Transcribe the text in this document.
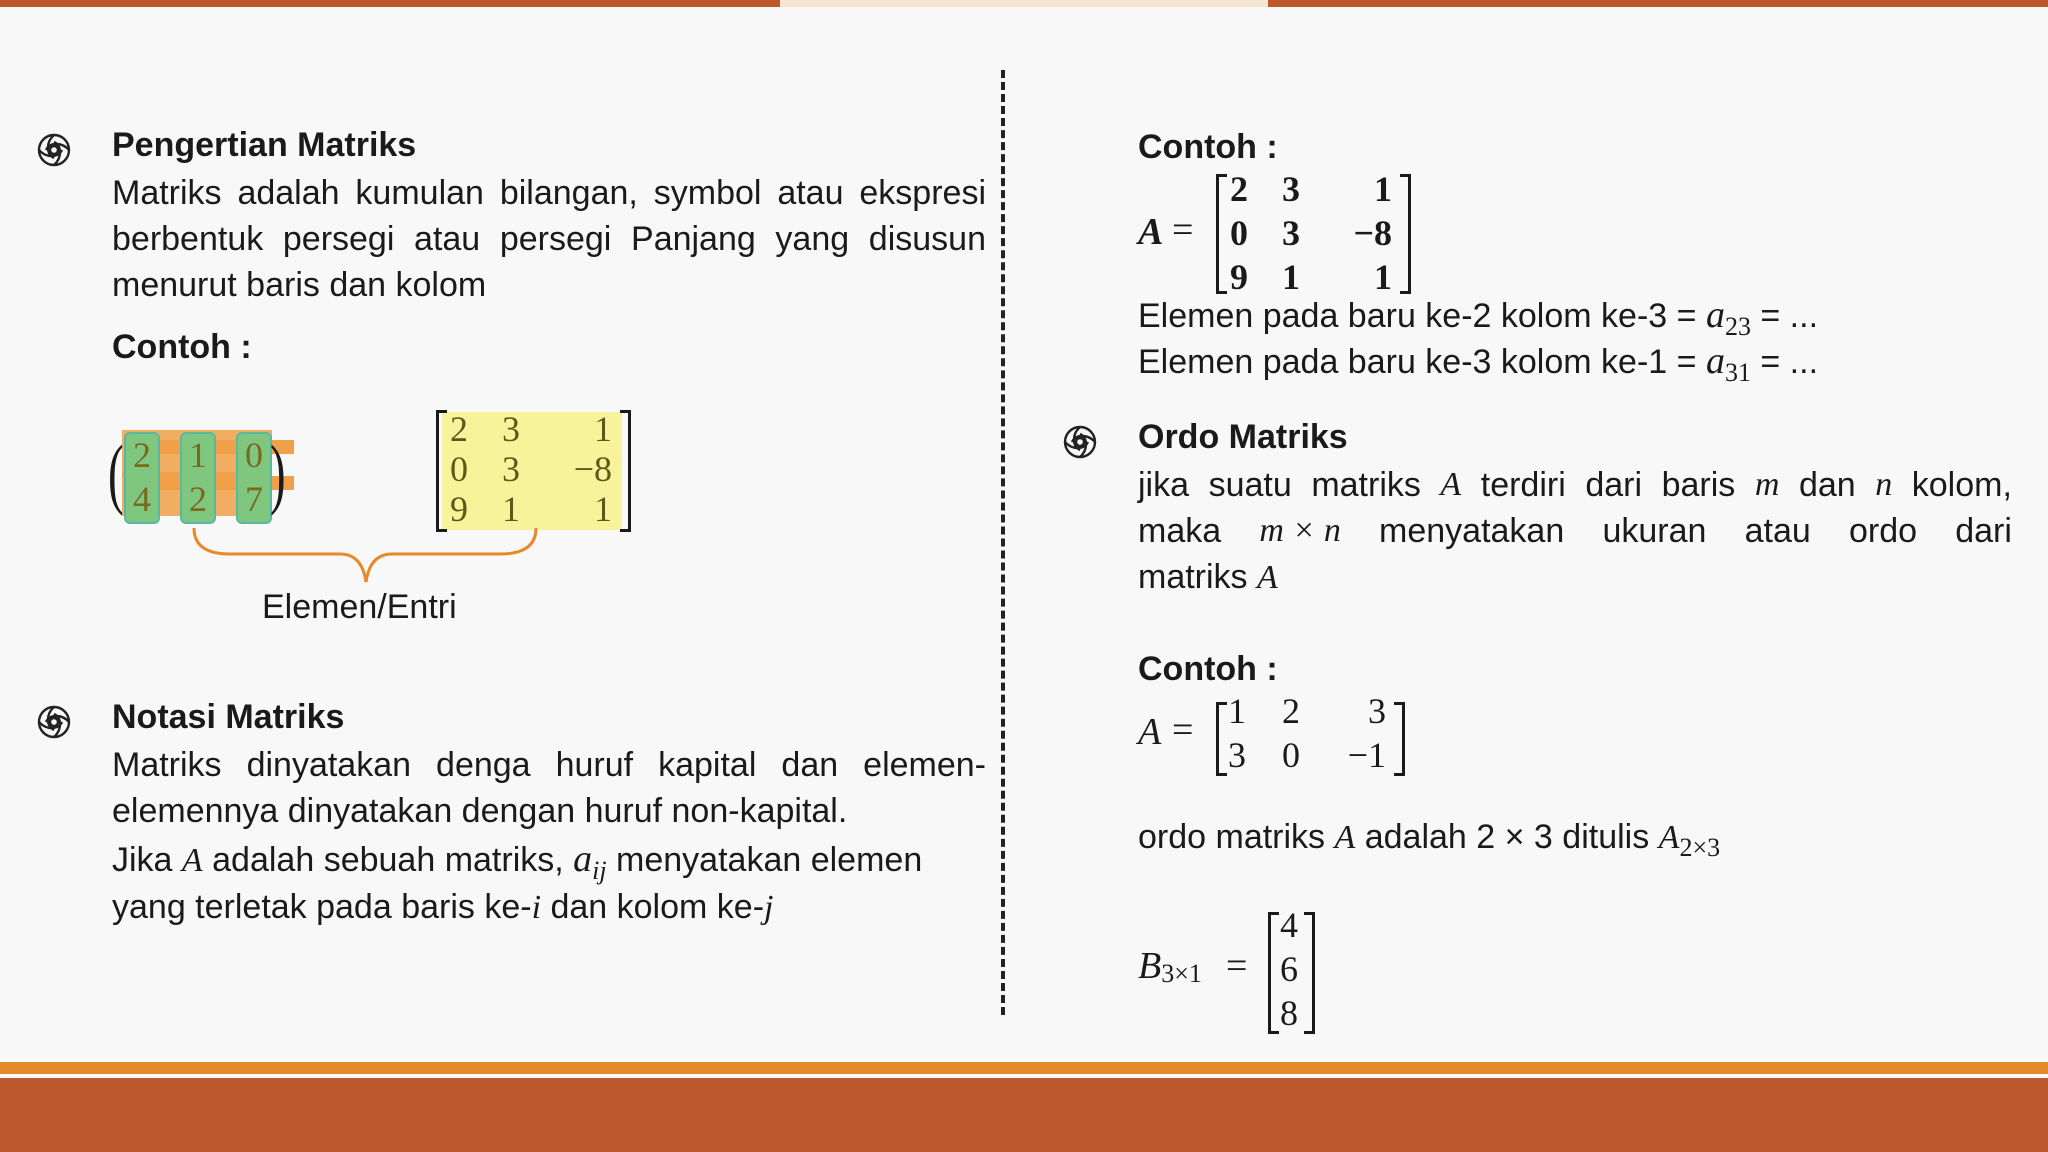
Pengertian Matriks
Matriks adalah kumulan bilangan, symbol atau ekspresi berbentuk persegi atau persegi Panjang yang disusun menurut baris dan kolom
Contoh :
( )
2 1 0
4 2 7
2 3	1
0 3	−8
9 1	1
Elemen/Entri
Notasi Matriks
Matriks dinyatakan denga huruf kapital dan elemen-elemennya dinyatakan dengan huruf non-kapital.
Jika A adalah sebuah matriks, $a_{ij}$ menyatakan elemen
yang terletak pada baris ke-i dan kolom ke-j
Contoh :
A =
2 3	1
0 3	−8
9 1	1
Elemen pada baru ke-2 kolom $ke-3 = a_{23}$ = ...
Elemen pada baru ke-3 kolom $ke-1 = a_{31}$ = ...
Ordo Matriks
jika suatu matriks A terdiri dari baris m dan n kolom,
maka m × n menyatakan ukuran atau ordo dari
matriks A
Contoh :
A = 1 2	3
3 0	−1
ordo matriks A adalah 2 × 3 ditulis $A_{2\times 3}$
$B_{3\times 1}$ =
4
6
8
